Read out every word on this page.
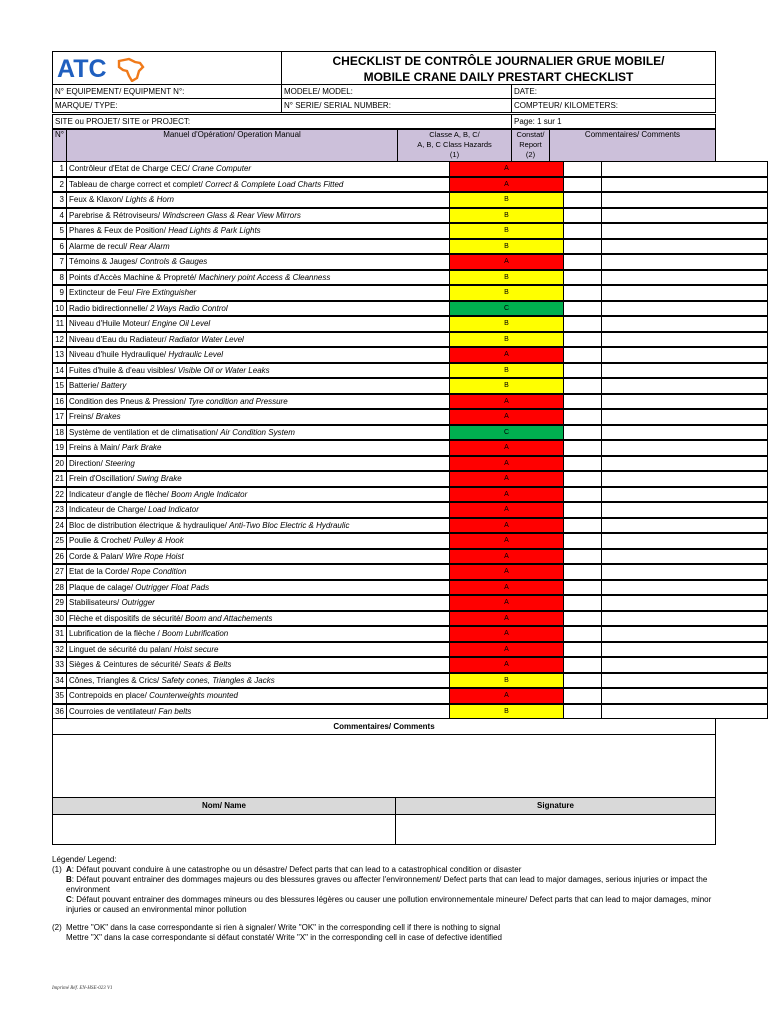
ATC	CHECKLIST DE CONTRÔLE JOURNALIER GRUE MOBILE/
MOBILE CRANE DAILY PRESTART CHECKLIST
N° EQUIPEMENT/ EQUIPMENT N°:	MODELE/ MODEL:	DATE:
MARQUE/ TYPE:	N° SERIE/ SERIAL NUMBER:	COMPTEUR/ KILOMETERS:
SITE ou PROJET/ SITE or PROJECT:	Page: 1 sur 1
N°	Manuel d'Opération/ Operation Manual	Classe A, B, C/
A, B, C Class Hazards
(1)
Constat/
Report
(2)
Commentaires/ Comments
1 Contrôleur d'Etat de Charge CEC/ Crane Computer	A
2 Tableau de charge correct et complet/ Correct & Complete Load Charts Fitted	A
3 Feux & Klaxon/ Lights & Horn	B
4 Parebrise & Rétroviseurs/ Windscreen Glass & Rear View Mirrors	B
5 Phares & Feux de Position/ Head Lights & Park Lights	B
6 Alarme de recul/ Rear Alarm	B
7 Témoins & Jauges/ Controls & Gauges	A
8 Points d'Accès Machine & Propreté/ Machinery point Access & Cleanness	B
9 Extincteur de Feu/ Fire Extinguisher	B
10 Radio bidirectionnelle/ 2 Ways Radio Control	C
11 Niveau d'Huile Moteur/ Engine Oil Level	B
12 Niveau d'Eau du Radiateur/ Radiator Water Level	B
13 Niveau d'huile Hydraulique/ Hydraulic Level	A
14 Fuites d'huile & d'eau visibles/ Visible Oil or Water Leaks	B
15 Batterie/ Battery	B
16 Condition des Pneus & Pression/ Tyre condition and Pressure	A
17 Freins/ Brakes	A
18 Système de ventilation et de climatisation/ Air Condition System	C
19 Freins à Main/ Park Brake	A
20 Direction/ Steering	A
21 Frein d'Oscillation/ Swing Brake	A
22 Indicateur d'angle de flèche/ Boom Angle Indicator	A
23 Indicateur de Charge/ Load Indicator	A
24 Bloc de distribution électrique & hydraulique/ Anti-Two Bloc Electric & Hydraulic	A
25 Poulie & Crochet/ Pulley & Hook	A
26 Corde & Palan/ Wire Rope Hoist	A
27 Etat de la Corde/ Rope Condition	A
28 Plaque de calage/ Outrigger Float Pads	A
29 Stabilisateurs/ Outrigger	A
30 Flèche et dispositifs de sécurité/ Boom and Attachements	A
31 Lubrification de la flèche / Boom Lubrification	A
32 Linguet de sécurité du palan/ Hoist secure	A
33 Sièges & Ceintures de sécurité/ Seats & Belts	A
34 Cônes, Triangles & Crics/ Safety cones, Triangles & Jacks	B
35 Contrepoids en place/ Counterweights mounted	A
36 Courroies de ventilateur/ Fan belts	B
Commentaires/ Comments
Nom/ Name	Signature
Légende/ Legend:
(1) A: Défaut pouvant conduire à une catastrophe ou un désastre/ Defect parts that can lead to a catastrophical condition or disaster
B: Défaut pouvant entrainer des dommages majeurs ou des blessures graves ou affecter l'environnement/ Defect parts that can lead to major damages, serious injuries or impact the environment
C: Défaut pouvant entrainer des dommages mineurs ou des blessures légères ou causer une pollution environnementale mineure/ Defect parts that can lead to major damages, minor injuries or caused an environmental minor pollution
(2) Mettre "OK" dans la case correspondante si rien à signaler/ Write "OK" in the corresponding cell if there is nothing to signal
Mettre "X" dans la case correspondante si défaut constaté/ Write "X" in the corresponding cell in case of defective identified
Imprimé Réf. EN-HSE-023 V1
